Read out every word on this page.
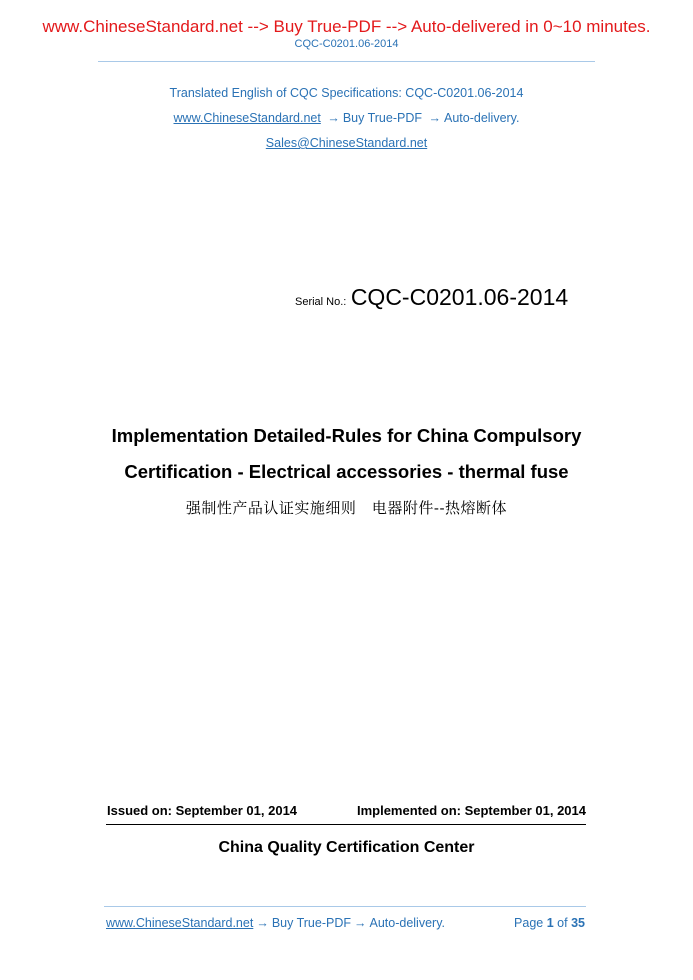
www.ChineseStandard.net --> Buy True-PDF --> Auto-delivered in 0~10 minutes.
CQC-C0201.06-2014
Translated English of CQC Specifications: CQC-C0201.06-2014
www.ChineseStandard.net → Buy True-PDF → Auto-delivery.
Sales@ChineseStandard.net
Serial No.: CQC-C0201.06-2014
Implementation Detailed-Rules for China Compulsory
Certification - Electrical accessories - thermal fuse
强制性产品认证实施细则　电器附件--热熔断体
Issued on: September 01, 2014	Implemented on: September 01, 2014
China Quality Certification Center
www.ChineseStandard.net → Buy True-PDF → Auto-delivery.	Page 1 of 35
